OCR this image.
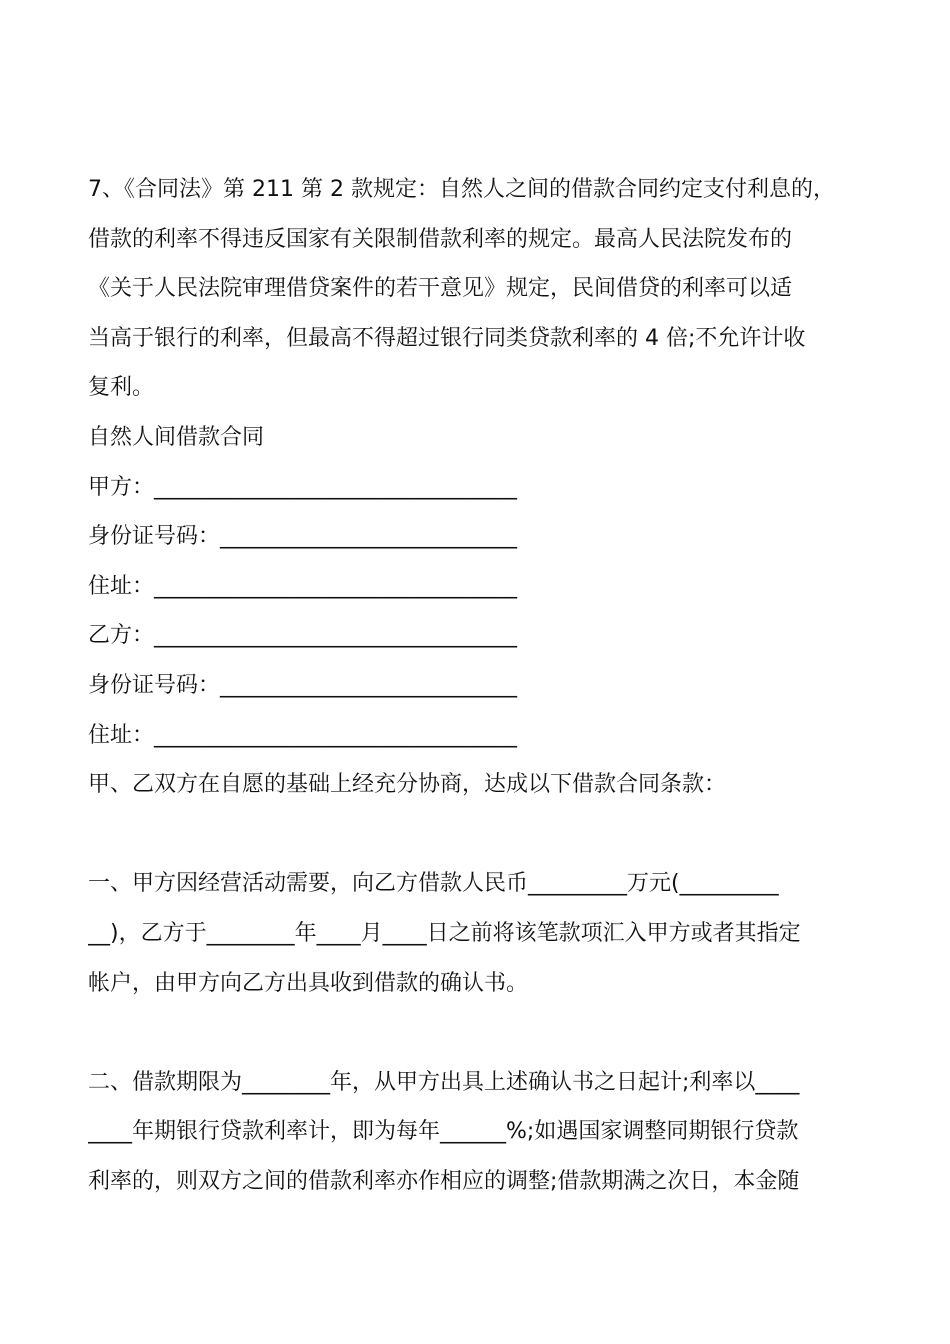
7、《合同法》第 211 第 2 款规定：自然人之间的借款合同约定支付利息的，
借款的利率不得违反国家有关限制借款利率的规定。最高人民法院发布的
《关于人民法院审理借贷案件的若干意见》规定，民间借贷的利率可以适
当高于银行的利率，但最高不得超过银行同类贷款利率的 4 倍;不允许计收
复利。
自然人间借款合同
甲方：_________________________________
身份证号码：___________________________
住址：_________________________________
乙方：_________________________________
身份证号码：___________________________
住址：_________________________________
甲、乙双方在自愿的基础上经充分协商，达成以下借款合同条款：
一、甲方因经营活动需要，向乙方借款人民币_________万元(_________
__)，乙方于________年____月____日之前将该笔款项汇入甲方或者其指定
帐户，由甲方向乙方出具收到借款的确认书。
二、借款期限为________年，从甲方出具上述确认书之日起计;利率以____
____年期银行贷款利率计，即为每年______%;如遇国家调整同期银行贷款
利率的，则双方之间的借款利率亦作相应的调整;借款期满之次日，本金随
